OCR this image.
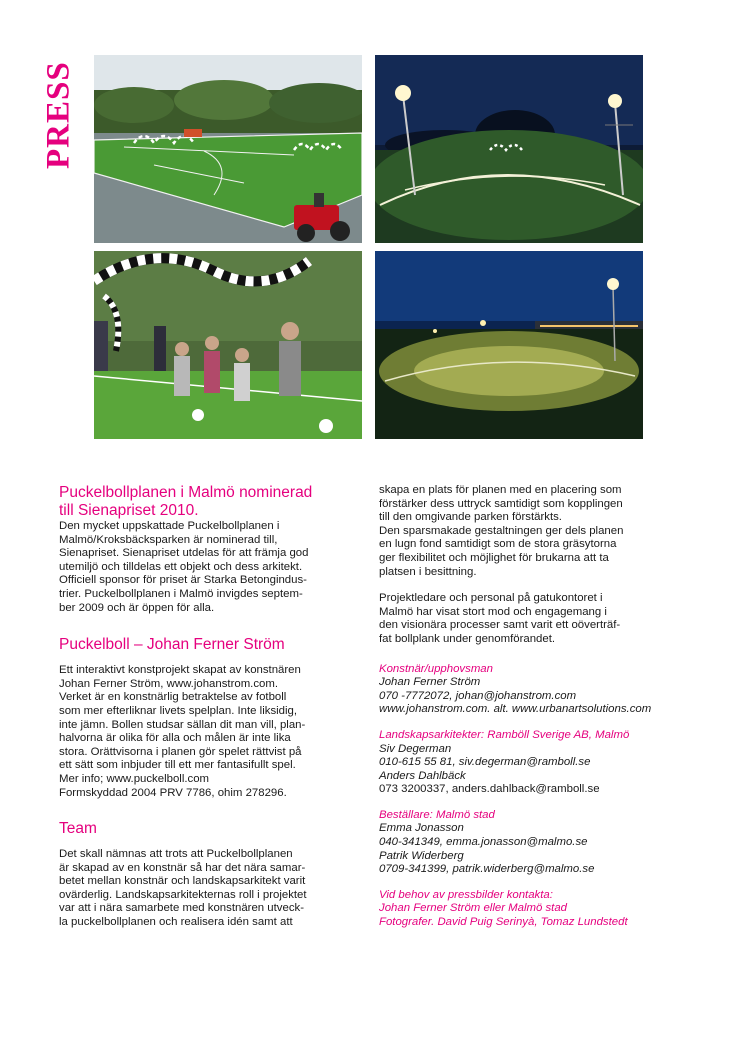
PRESS
Puckelbollplanen i Malmö nominerad
till Sienapriset 2010.

Den mycket uppskattade Puckelbollplanen i
Malmö/Kroksbäcksparken är nominerad till,
Sienapriset. Sienapriset utdelas för att främja god
utemiljö och tilldelas ett objekt och dess arkitekt.
Officiell sponsor för priset är Starka Betongindus-
trier. Puckelbollplanen i Malmö invigdes septem-
ber 2009 och är öppen för alla.

Puckelboll – Johan Ferner Ström

Ett interaktivt konstprojekt skapat av konstnären
Johan Ferner Ström, www.johanstrom.com.
Verket är en konstnärlig betraktelse av fotboll
som mer efterliknar livets spelplan. Inte liksidig,
inte jämn. Bollen studsar sällan dit man vill, plan-
halvorna är olika för alla och målen är inte lika
stora. Orättvisorna i planen gör spelet rättvist på
ett sätt som inbjuder till ett mer fantasifullt spel.
Mer info; www.puckelboll.com
Formskyddad 2004 PRV 7786, ohim 278296.

Team

Det skall nämnas att trots att Puckelbollplanen
är skapad av en konstnär så har det nära samar-
betet mellan konstnär och landskapsarkitekt varit
ovärderlig. Landskapsarkitekternas roll i projektet
var att i nära samarbete med konstnären utveck-
la puckelbollplanen och realisera idén samt att

skapa en plats för planen med en placering som
förstärker dess uttryck samtidigt som kopplingen
till den omgivande parken förstärkts.
Den sparsmakade gestaltningen ger dels planen
en lugn fond samtidigt som de stora gräsytorna
ger flexibilitet och möjlighet för brukarna att ta
platsen i besittning.

Projektledare och personal på gatukontoret i
Malmö har visat stort mod och engagemang i
den visionära processer samt varit ett oöverträf-
fat bollplank under genomförandet.

Konstnär/upphovsman

Johan Ferner Ström

070 -7772072, johan@johanstrom.com

www.johanstrom.com. alt. www.urbanartsolutions.com

Landskapsarkitekter: Ramböll Sverige AB, Malmö

Siv Degerman

010-615 55 81, siv.degerman@ramboll.se

Anders Dahlbäck

073 3200337, anders.dahlback@ramboll.se

Beställare: Malmö stad

Emma Jonasson

040-341349, emma.jonasson@malmo.se

Patrik Widerberg

0709-341399, patrik.widerberg@malmo.se

Vid behov av pressbilder kontakta:

Johan Ferner Ström eller Malmö stad

Fotografer. David Puig Serinyà, Tomaz Lundstedt
